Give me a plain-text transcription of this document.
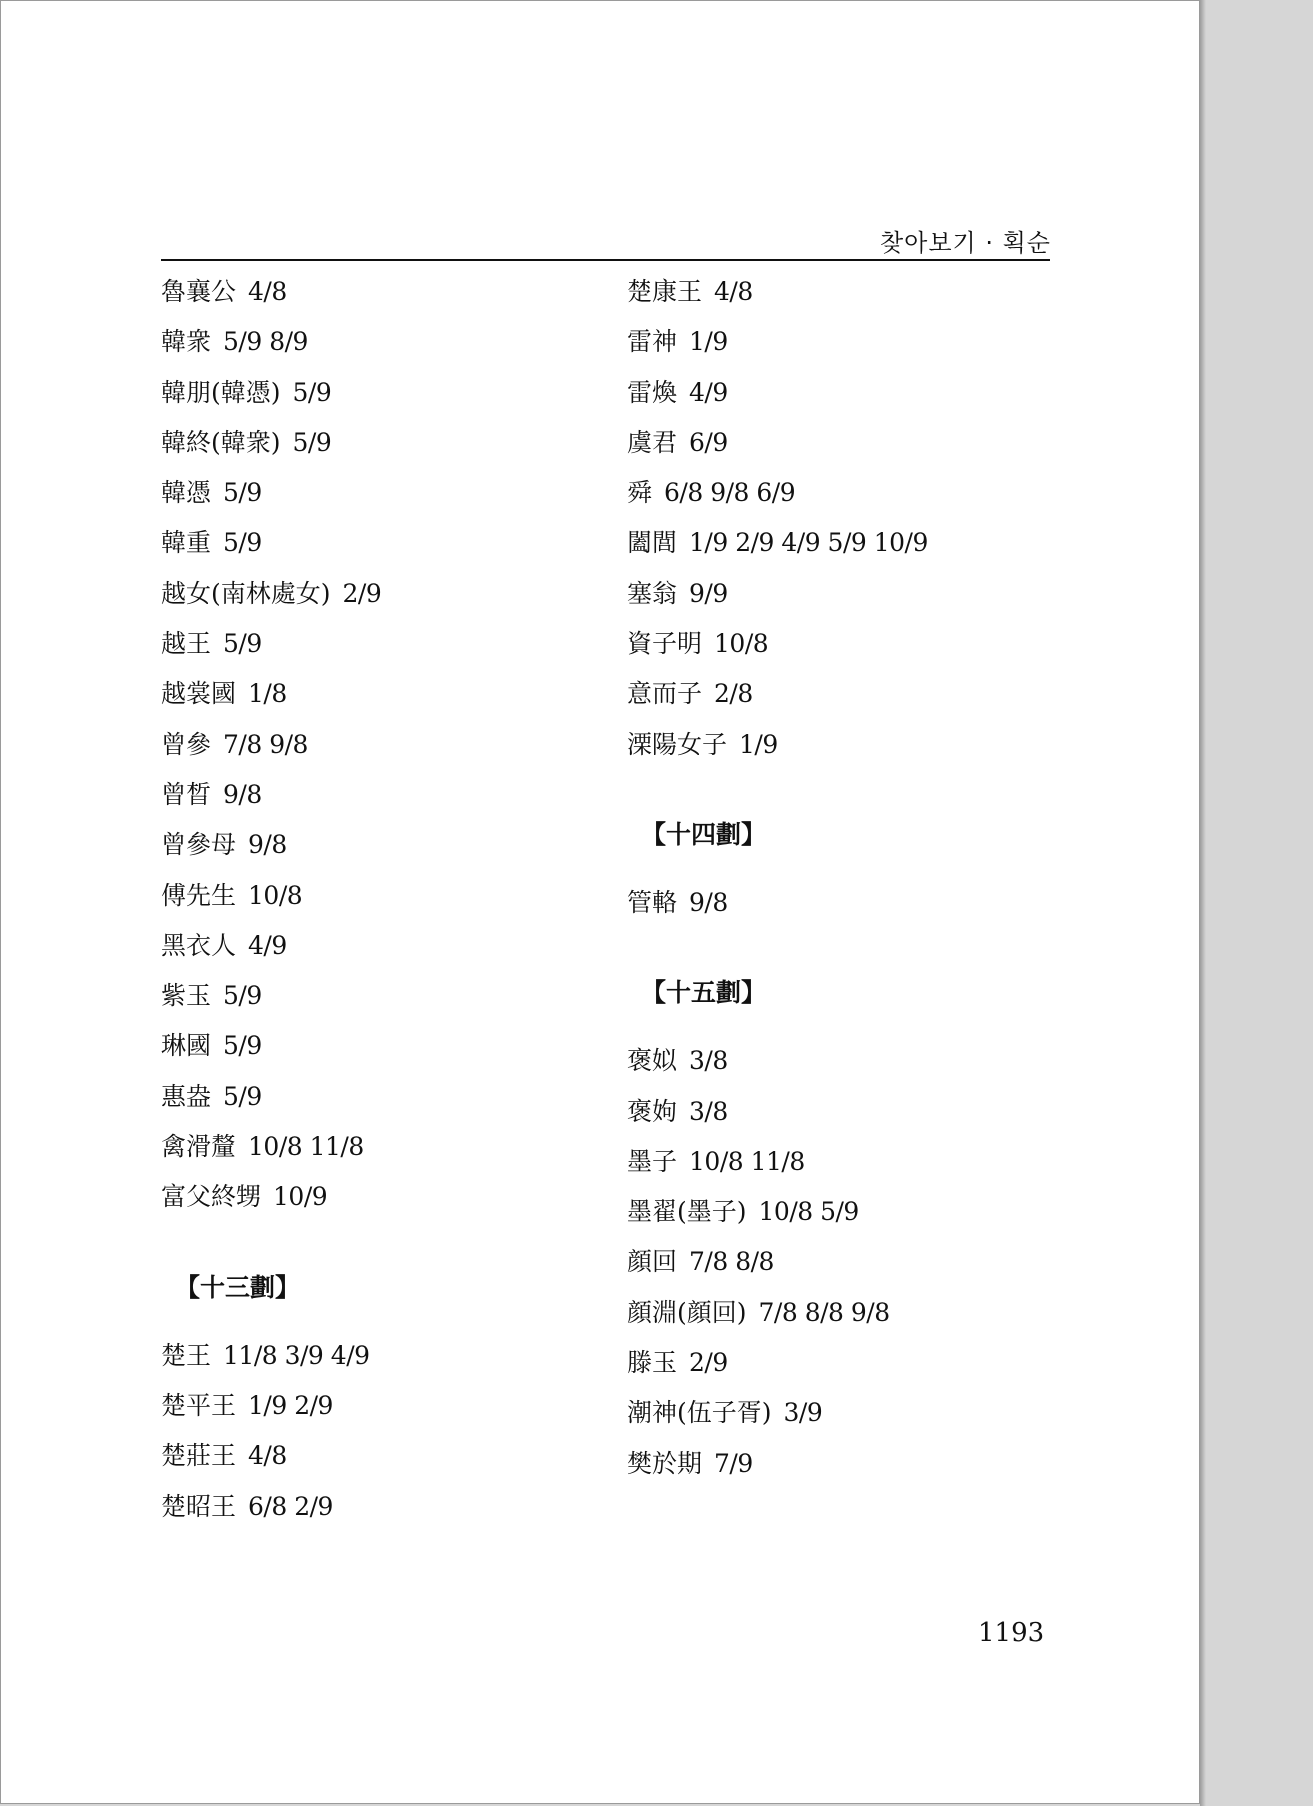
찾아보기 · 획순
魯襄公 4/8
韓衆 5/9 8/9
韓朋(韓憑) 5/9
韓終(韓衆) 5/9
韓憑 5/9
韓重 5/9
越女(南林處女) 2/9
越王 5/9
越裳國 1/8
曾參 7/8 9/8
曾晳 9/8
曾參母 9/8
傅先生 10/8
黑衣人 4/9
紫玉 5/9
琳國 5/9
惠盎 5/9
禽滑釐 10/8 11/8
富父終甥 10/9
【十三劃】
楚王 11/8 3/9 4/9
楚平王 1/9 2/9
楚莊王 4/8
楚昭王 6/8 2/9
楚康王 4/8
雷神 1/9
雷煥 4/9
虞君 6/9
舜 6/8 9/8 6/9
闔閭 1/9 2/9 4/9 5/9 10/9
塞翁 9/9
資子明 10/8
意而子 2/8
溧陽女子 1/9
【十四劃】
管輅 9/8
【十五劃】
褒姒 3/8
褒姁 3/8
墨子 10/8 11/8
墨翟(墨子) 10/8 5/9
顔回 7/8 8/8
顔淵(顔回) 7/8 8/8 9/8
滕玉 2/9
潮神(伍子胥) 3/9
樊於期 7/9
1193
